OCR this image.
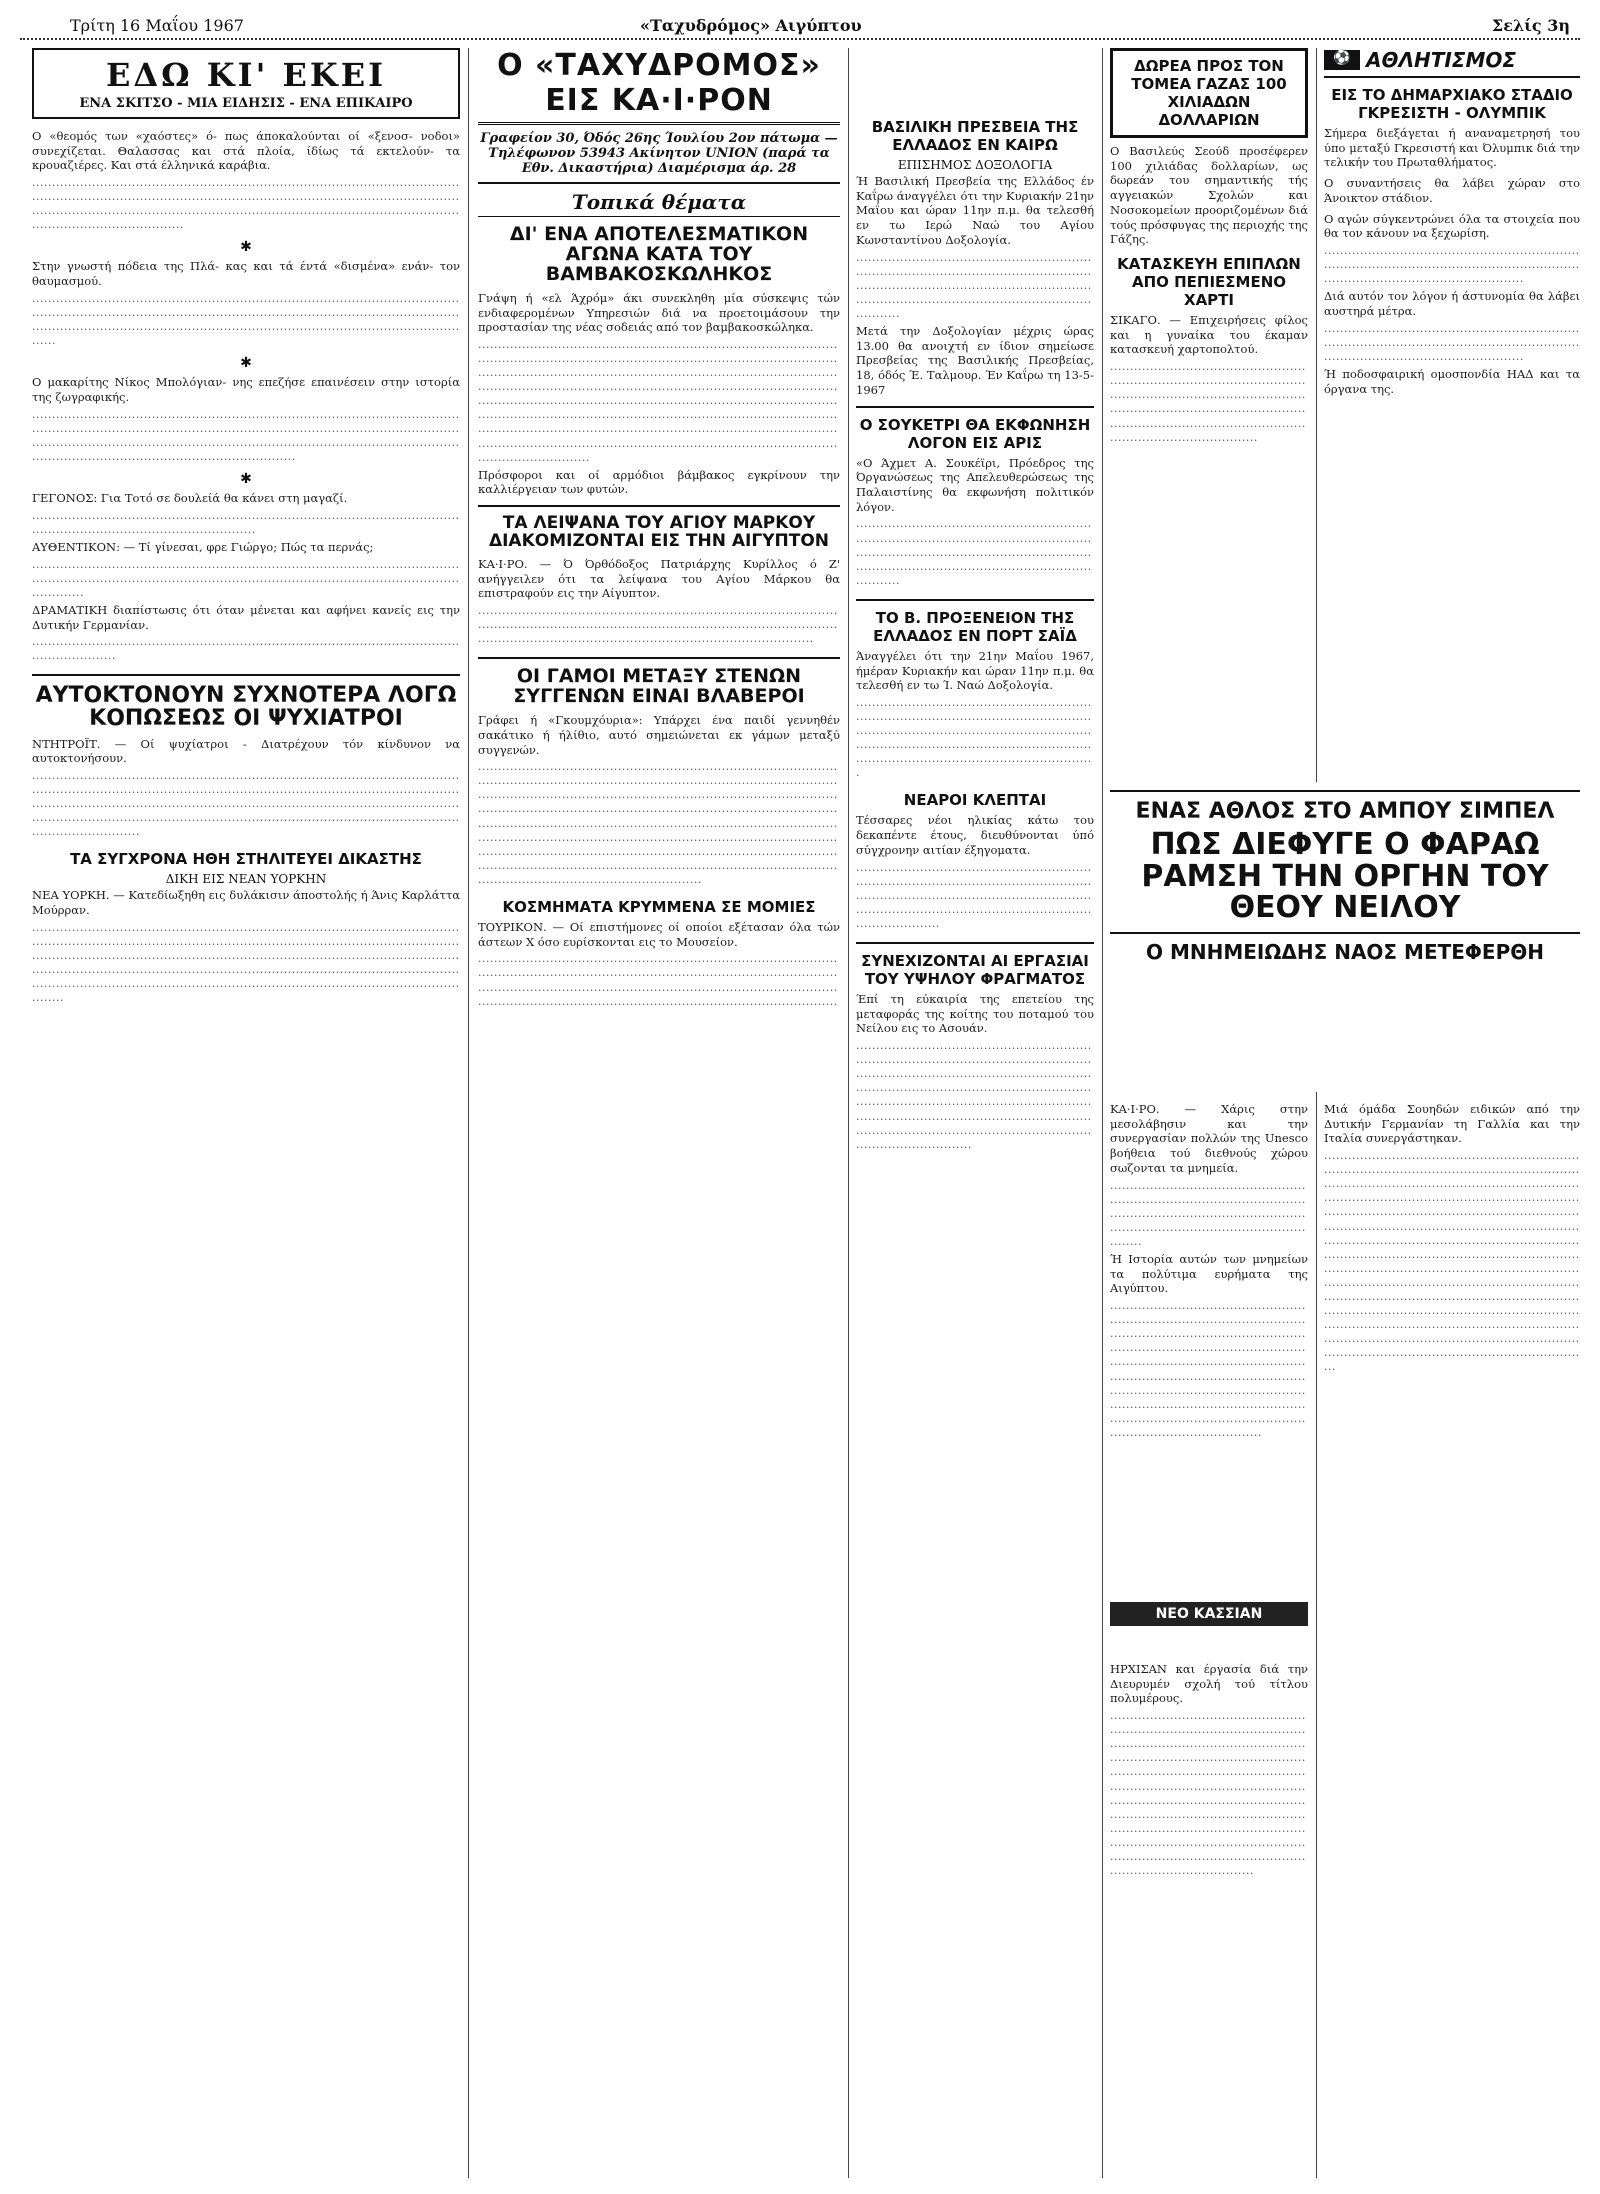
Τρίτη 16 Μαΐου 1967	«Ταχυδρόμος» Αιγύπτου	Σελίς 3η
ΕΔΩ ΚΙ' ΕΚΕΙ
ΕΝΑ ΣΚΙΤΣΟ - ΜΙΑ ΕΙΔΗΣΙΣ - ΕΝΑ ΕΠΙΚΑΙΡΟ

Ο «θεομός των «χαόστες» ό- πως άποκαλούνται οί «ξενοσ- νοδοι» συνεχίζεται. Θαλασσας και στά πλοία, ίδίως τά εκτελούν- τα κρουαζιέρες. Και στά έλληνικά καράβια.

·······································································································································································································································································································································································
✱

Στην γνωστή πόδεια της Πλά- κας και τά έντά «δισμένα» ενάν- τον θαυμασμού.

·······································································································································································································································································································································
✱

Ο μακαρίτης Νίκος Μπολόγιαν- νης επεζήσε επαινέσειν στην ιστορία της ζωγραφικής.

···································································································································································································································································································································································································
✱

ΓΕΓΟΝΟΣ: Για Τοτό σε δουλείά θα κάνει στη μαγαζί.

···································································································································································

ΑΥΘΕΝΤΙΚΟΝ: — Τί γίνεσαι, φρε Γιώργο; Πώς τα περνάς;

···································································································································································································································

ΔΡΑΜΑΤΙΚΗ διαπίστωσις ότι όταν μένεται και αφήνει κανείς εις την Δυτικήν Γερμανίαν.

································································································································
ΑΥΤΟΚΤΟΝΟΥΝ ΣΥΧΝΟΤΕΡΑ ΛΟΓΩ ΚΟΠΩΣΕΩΣ ΟΙ ΨΥΧΙΑΤΡΟΙ

ΝΤΗΤΡΟΪΤ. — Οί ψυχίατροι - Διατρέχουν τόν κίνδυνον να αυτοκτονήσουν.

·······································································································································································································································································································································································································································································
ΤΑ ΣΥΓΧΡΟΝΑ ΗΘΗ ΣΤΗΛΙΤΕΥΕΙ ΔΙΚΑΣΤΗΣ
ΔΙΚΗ ΕΙΣ ΝΕΑΝ ΥΟΡΚΗΝ

ΝΕΑ ΥΟΡΚΗ. — Κατεδίωξηθη εις δυλάκισιν άποστολής ή Άνις Καρλάττα Μούρραν.

·······························································································································································································································································································································································································································································································································································
Ο «ΤΑΧΥΔΡΟΜΟΣ» ΕΙΣ ΚΑ·Ι·ΡΟΝ
Γραφείον 30, Όδός 26ης Ίουλίου 2ον πάτωμα — Τηλέφωνον 53943 Ακίνητον UNION (παρά τα Εθν. Δικαστήρια) Διαμέρισμα άρ. 28
Τοπικά θέματα
ΔΙ' ΕΝΑ ΑΠΟΤΕΛΕΣΜΑΤΙΚΟΝ ΑΓΩΝΑ ΚΑΤΑ ΤΟΥ ΒΑΜΒΑΚΟΣΚΩΛΗΚΟΣ

Γνάψη ή «ελ Άχρόμ» άκι συνεκληθη μία σύσκεψις τών ενδιαφερομένων Υπηρεσιών διά να προετοιμάσουν την προστασίαν της νέας σοδειάς από τον βαμβακοσκώληκα.

············································································································································································································································································································································································································································································································································································································································································································································································

Πρόσφοροι και οί αρμόδιοι βάμβακος εγκρίνουν την καλλιέργειαν των φυτών.

ΤΑ ΛΕΙΨΑΝΑ ΤΟΥ ΑΓΙΟΥ ΜΑΡΚΟΥ ΔΙΑΚΟΜΙΖΟΝΤΑΙ ΕΙΣ ΤΗΝ ΑΙΓΥΠΤΟΝ

ΚΑ·Ι·ΡΟ. — Ό Όρθόδοξος Πατριάρχης Κυρίλλος ό Ζ' ανήγγειλεν ότι τα λείψανα του Αγίου Μάρκου θα επιστραφούν εις την Αίγυπτον.

········································································································································································································································································
ΟΙ ΓΑΜΟΙ ΜΕΤΑΞΥ ΣΤΕΝΩΝ ΣΥΓΓΕΝΩΝ ΕΙΝΑΙ ΒΛΑΒΕΡΟΙ

Γράφει ή «Γκουμχόυρια»: Υπάρχει ένα παιδί γεννηθέν σακάτικο ή ήλίθιο, αυτό σημειώνεται εκ γάμων μεταξύ συγγενών.

········································································································································································································································································································································································································································································································································································································································································································································································································
ΚΟΣΜΗΜΑΤΑ ΚΡΥΜΜΕΝΑ ΣΕ ΜΟΜΙΕΣ

ΤΟΥΡΙΚΟΝ. — Οί επιστήμονες οί οποίοι εξέτασαν όλα τών άστεων Χ όσο ευρίσκονται εις το Μουσείον.

········································································································································································································································································································································································
ΒΑΣΙΛΙΚΗ ΠΡΕΣΒΕΙΑ ΤΗΣ ΕΛΛΑΔΟΣ ΕΝ ΚΑΙΡΩ
ΕΠΙΣΗΜΟΣ ΔΟΞΟΛΟΓΙΑ

Ή Βασιλική Πρεσβεία της Ελλάδος έν Καΐρω άναγγέλει ότι την Κυριακήν 21ην Μαΐου και ώραν 11ην π.μ. θα τελεσθή εν τω Ιερώ Ναώ του Αγίου Κωνσταντίνου Δοξολογία.

·······················································································································································································································································

Μετά την Δοξολογίαν μέχρις ώρας 13.00 θα ανοιχτή εν ίδιον σημείωσε Πρεσβείας της Βασιλικής Πρεσβείας, 18, όδός Έ. Ταλμουρ. Έν Καΐρω τη 13-5-1967

Ο ΣΟΥΚΕΤΡΙ ΘΑ ΕΚΦΩΝΗΣΗ ΛΟΓΟΝ ΕΙΣ ΑΡΙΣ

«Ο Άχμετ Α. Σουκέϊρι, Πρόεδρος της Όργανώσεως της Απελευθερώσεως της Παλαιστίνης θα εκφωνήση πολιτικόν λόγον.

·······················································································································································································································································
ΤΟ Β. ΠΡΟΞΕΝΕΙΟΝ ΤΗΣ ΕΛΛΑΔΟΣ ΕΝ ΠΟΡΤ ΣΑΪΔ

Άναγγέλει ότι την 21ην Μαΐου 1967, ήμέραν Κυριακήν και ώραν 11ην π.μ. θα τελεσθή εν τω Ί. Ναώ Δοξολογία.

········································································································································································································································································································
ΝΕΑΡΟΙ ΚΛΕΠΤΑΙ

Τέσσαρες νέοι ηλικίας κάτω του δεκαπέντε έτους, διευθύνονται ύπό σύγχρονην αιτίαν έξηγοματα.

·································································································································································································································································
ΣΥΝΕΧΙΖΟΝΤΑΙ ΑΙ ΕΡΓΑΣΙΑΙ ΤΟΥ ΥΨΗΛΟΥ ΦΡΑΓΜΑΤΟΣ

Έπί τη εύκαιρία της επετείου της μεταφοράς της κοίτης του ποταμού του Νείλου εις το Ασουάν.

··························································································································································································································································································································································································································································
ΔΩΡΕΑ ΠΡΟΣ ΤΟΝ ΤΟΜΕΑ ΓΑΖΑΣ 100 ΧΙΛΙΑΔΩΝ ΔΟΛΛΑΡΙΩΝ

Ο Βασιλεύς Σεούδ προσέφερεν 100 χιλιάδας δολλαρίων, ως δωρεάν του σημαντικής τής αγγειακών Σχολών και Νοσοκομείων προοριζομένων διά τούς πρόσφυγας της περιοχής της Γάζης.

ΚΑΤΑΣΚΕΥΗ ΕΠΙΠΛΩΝ ΑΠΟ ΠΕΠΙΕΣΜΕΝΟ ΧΑΡΤΙ

ΣΙΚΑΓΟ. — Επιχειρήσεις φίλος και η γυναίκα του έκαμαν κατασκευή χαρτοπολτού.

··························································································································································································································································································
ΕΝΑΣ ΑΘΛΟΣ ΣΤΟ ΑΜΠΟΥ ΣΙΜΠΕΛ
ΠΩΣ ΔΙΕΦΥΓΕ Ο ΦΑΡΑΩ ΡΑΜΣΗ ΤΗΝ ΟΡΓΗΝ ΤΟΥ ΘΕΟΥ ΝΕΙΛΟΥ
Ο ΜΝΗΜΕΙΩΔΗΣ ΝΑΟΣ ΜΕΤΕΦΕΡΘΗ

ΚΑ·Ι·ΡΟ. — Χάρις στην μεσολάβησιν και την συνεργασίαν πολλών της Unesco βοήθεια τού διεθνούς χώρου σωζονται τα μνημεία.

············································································································································································································

Ή Ιστορία αυτών των μνημείων τα πολύτιμα ευρήματα της Αιγύπτου.

·······························································································································································································································································································································································································································································································
ΝΕΟ ΚΑΣΣΙΑΝ

ΗΡΧΙΣΑΝ και έργασία διά την Διευρυμέν σχολή τού τίτλου πολυμέρους.

·······························································································································································································································································································································································································································································································································································································
⚽ ΑΘΛΗΤΙΣΜΟΣ
ΕΙΣ ΤΟ ΔΗΜΑΡΧΙΑΚΟ ΣΤΑΔΙΟ ΓΚΡΕΣΙΣΤΗ - ΟΛΥΜΠΙΚ

Σήμερα διεξάγεται ή αναναμετρησή του ύπο μεταξύ Γκρεσιστή και Όλυμπικ διά την τελικήν του Πρωταθλήματος.

Ο συναντήσεις θα λάβει χώραν στο Άνοικτον στάδιον.

Ο αγών σύγκεντρώνει όλα τα στοιχεία που θα τον κάνουν να ξεχωρίση.

··················································································································································································

Διά αυτόν τον λόγον ή άστυνομία θα λάβει αυστηρά μέτρα.

··················································································································································································

Ή ποδοσφαιρική ομοσπονδία ΗΑΔ και τα όργανα της.

Μιά όμάδα Σουηδών ειδικών από την Δυτικήν Γερμανίαν τη Γαλλία και την Ιταλία συνεργάστηκαν.

···································································································································································································································································································································································································································································································································································································································································································································································································································································································································································································
